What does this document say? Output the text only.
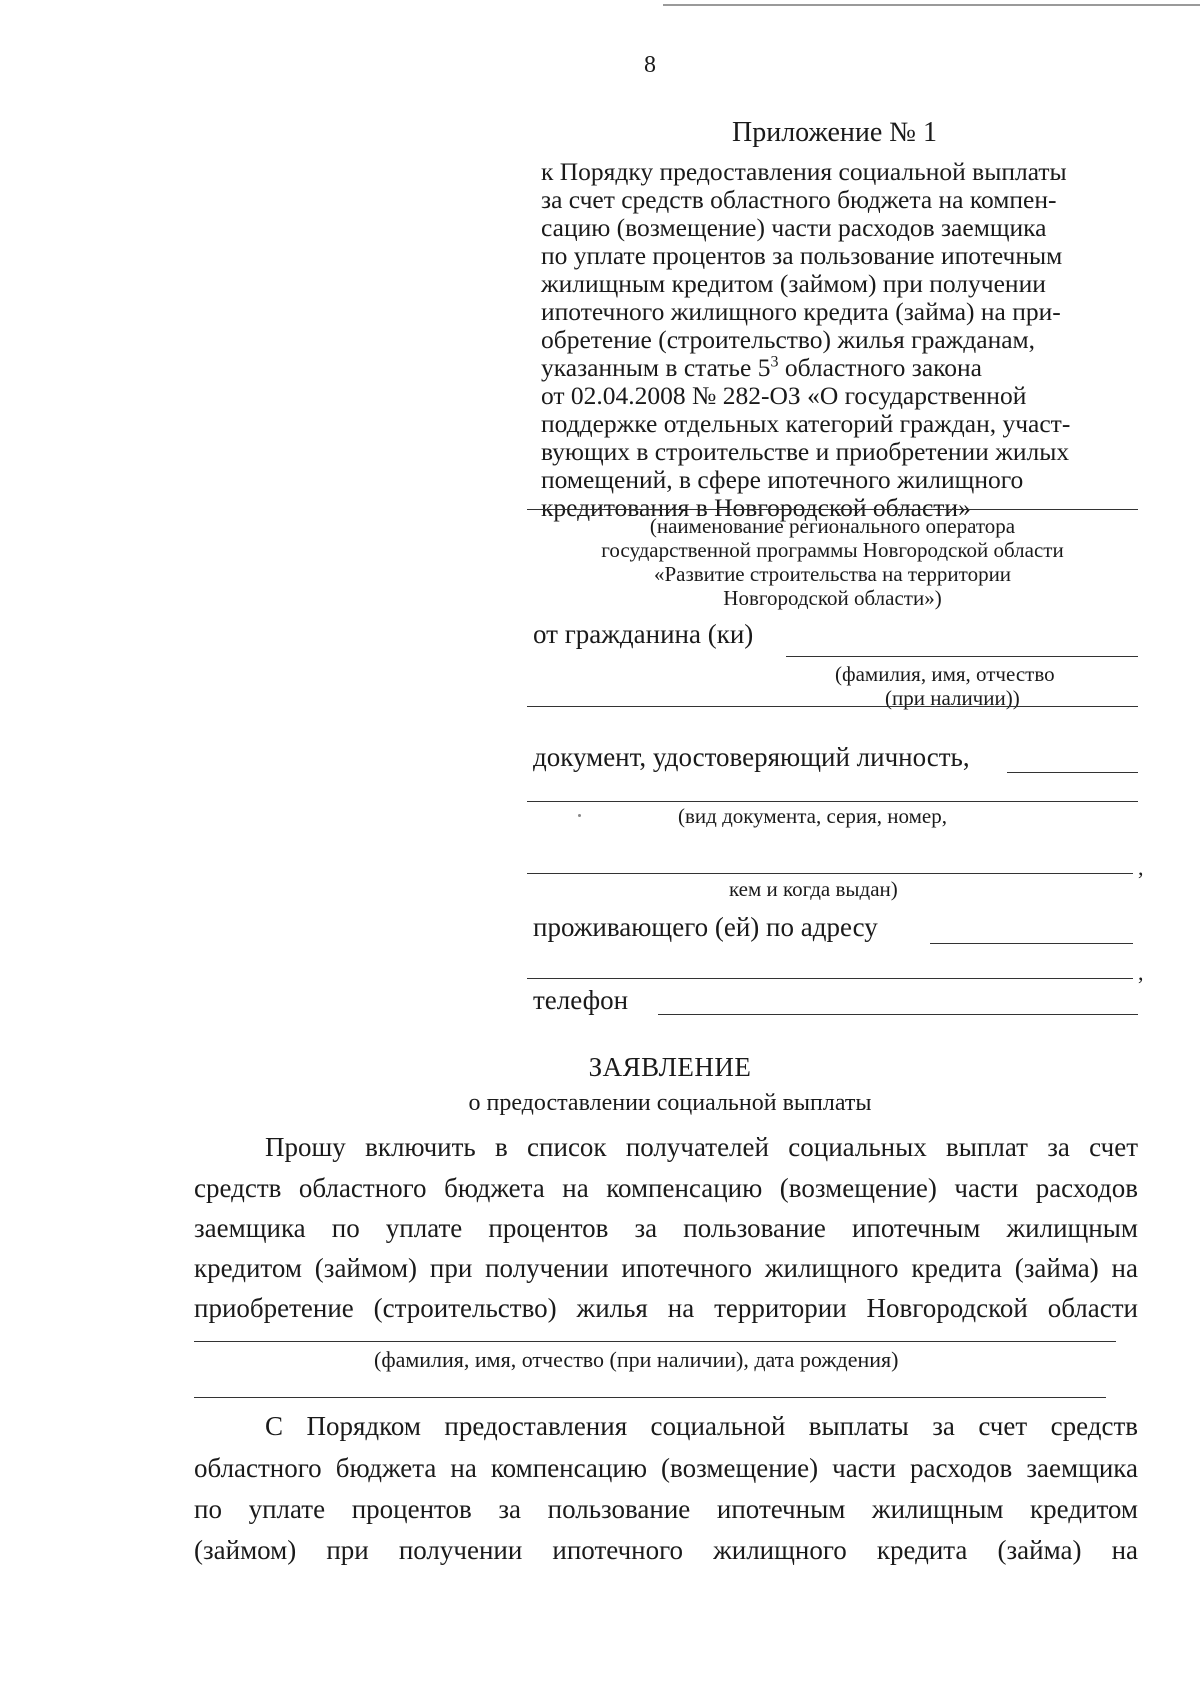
8
Приложение № 1
к Порядку предоставления социальной выплаты
за счет средств областного бюджета на компен-
сацию (возмещение) части расходов заемщика
по уплате процентов за пользование ипотечным
жилищным кредитом (займом) при получении
ипотечного жилищного кредита (займа) на при-
обретение (строительство) жилья гражданам,
указанным в статье $5^3$ областного закона
от 02.04.2008 № 282-ОЗ «О государственной
поддержке отдельных категорий граждан, участ-
вующих в строительстве и приобретении жилых
помещений, в сфере ипотечного жилищного
кредитования в Новгородской области»
(наименование регионального оператора
государственной программы Новгородской области
«Развитие строительства на территории
Новгородской области»)
от гражданина (ки)
(фамилия, имя, отчество
(при наличии))
документ, удостоверяющий личность,
(вид документа, серия, номер,
,
кем и когда выдан)
проживающего (ей) по адресу
,
телефон
ЗАЯВЛЕНИЕ
о предоставлении социальной выплаты
Прошу включить в список получателей социальных выплат за счет
средств областного бюджета на компенсацию (возмещение) части расходов
заемщика по уплате процентов за пользование ипотечным жилищным
кредитом (займом) при получении ипотечного жилищного кредита (займа) на
приобретение (строительство) жилья на территории Новгородской области
(фамилия, имя, отчество (при наличии), дата рождения)
С Порядком предоставления социальной выплаты за счет средств
областного бюджета на компенсацию (возмещение) части расходов заемщика
по уплате процентов за пользование ипотечным жилищным кредитом
(займом) при получении ипотечного жилищного кредита (займа) на
